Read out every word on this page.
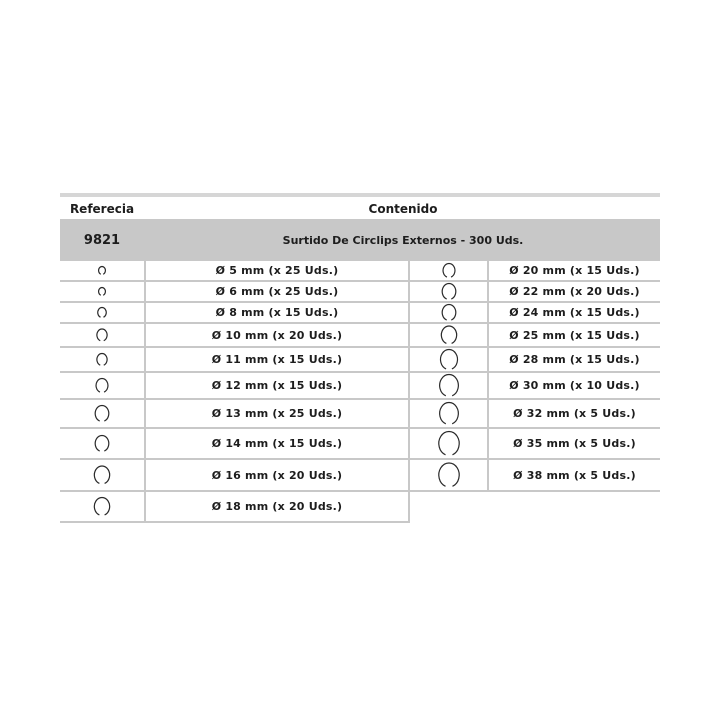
Referecia	Contenido
9821	Surtido De Circlips Externos - 300 Uds.
Ø 5 mm (x 25 Uds.)
Ø 6 mm (x 25 Uds.)
Ø 8 mm (x 15 Uds.)
Ø 10 mm (x 20 Uds.)
Ø 11 mm (x 15 Uds.)
Ø 12 mm (x 15 Uds.)
Ø 13 mm (x 25 Uds.)
Ø 14 mm (x 15 Uds.)
Ø 16 mm (x 20 Uds.)
Ø 18 mm (x 20 Uds.)
Ø 20 mm (x 15 Uds.)
Ø 22 mm (x 20 Uds.)
Ø 24 mm (x 15 Uds.)
Ø 25 mm (x 15 Uds.)
Ø 28 mm (x 15 Uds.)
Ø 30 mm (x 10 Uds.)
Ø 32 mm (x 5 Uds.)
Ø 35 mm (x 5 Uds.)
Ø 38 mm (x 5 Uds.)
